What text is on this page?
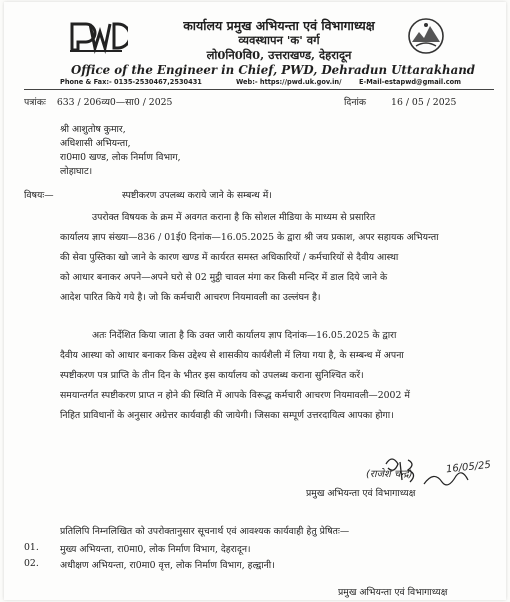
कार्यालय प्रमुख अभियन्ता एवं विभागाध्यक्ष
व्यवस्थापन 'क' वर्ग
लो0नि0वि0, उत्तराखण्ड, देहरादून
Office of the Engineer in Chief, PWD, Dehradun Uttarakhand
Phone & Fax:- 0135-2530467,2530431	Web:- https://pwd.uk.gov.in/	E-Mail-estapwd@gmail.com
पत्रांकः 633 / 206व्य0—सा0 / 2025	दिनांक	16 / 05 / 2025
श्री आशुतोष कुमार,
अधिशासी अभियन्ता,
रा0मा0 खण्ड, लोक निर्माण विभाग,
लोहाघाट।
विषयः—	स्पष्टीकरण उपलब्ध कराये जाने के सम्बन्ध में।
उपरोक्त विषयक के क्रम में अवगत कराना है कि सोशल मीडिया के माध्यम से प्रसारित
कार्यालय ज्ञाप संख्या—836 / 01ई0 दिनांक—16.05.2025 के द्वारा श्री जय प्रकाश, अपर सहायक अभियन्ता
की सेवा पुस्तिका खो जाने के कारण खण्ड में कार्यरत समस्त अधिकारियों / कर्मचारियों से दैवीय आस्था
को आधार बनाकर अपने—अपने घरो से 02 मुट्ठी चावल मंगा कर किसी मन्दिर में डाल दिये जाने के
आदेश पारित किये गये है। जो कि कर्मचारी आचरण नियमावली का उल्लंघन है।
अतः निर्देशित किया जाता है कि उक्त जारी कार्यालय ज्ञाप दिनांक—16.05.2025 के द्वारा
दैवीय आस्था को आधार बनाकर किस उद्देश्य से शासकीय कार्यशैली में लिया गया है, के सम्बन्ध में अपना
स्पष्टीकरण पत्र प्राप्ति के तीन दिन के भीतर इस कार्यालय को उपलब्ध कराना सुनिश्चित करें।
समयान्तर्गत स्पष्टीकरण प्राप्त न होने की स्थिति में आपके विरूद्ध कर्मचारी आचरण नियमावली—2002 में
निहित प्राविधानों के अनुसार अग्रेत्तर कार्यवाही की जायेगी। जिसका सम्पूर्ण उत्तरदायित्व आपका होगा।
(राजेश चन्द्र)	16/05/25
प्रमुख अभियन्ता एवं विभागाध्यक्ष
प्रतिलिपि निम्नलिखित को उपरोक्तानुसार सूचनार्थ एवं आवश्यक कार्यवाही हेतु प्रेषितः—
01. मुख्य अभियन्ता, रा0मा0, लोक निर्माण विभाग, देहरादून।
02. अधीक्षण अभियन्ता, रा0मा0 वृत्त, लोक निर्माण विभाग, हल्द्वानी।
प्रमुख अभियन्ता एवं विभागाध्यक्ष
